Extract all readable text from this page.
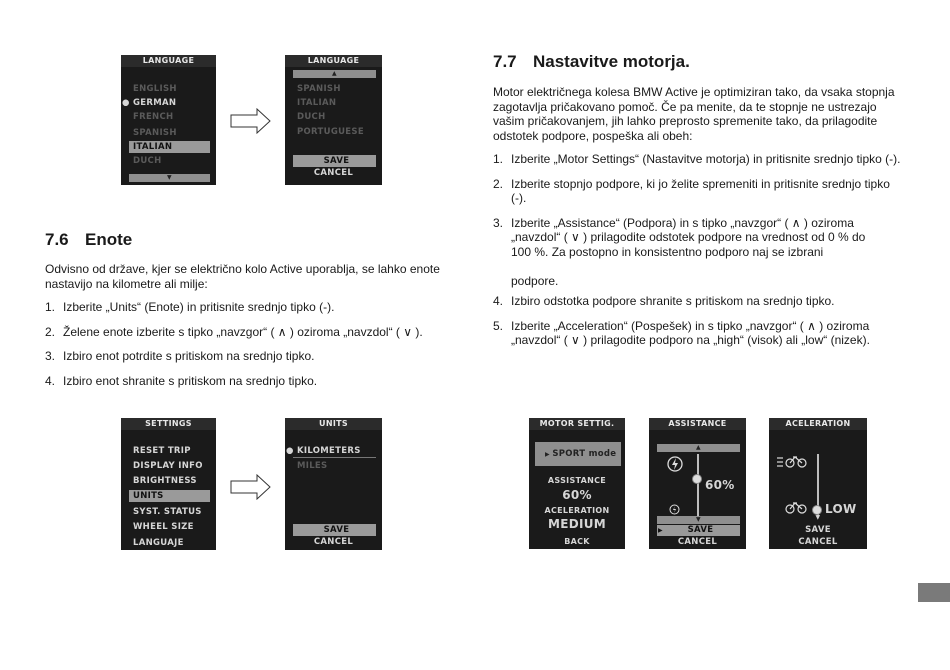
LANGUAGE
ENGLISH
● GERMAN
FRENCH
SPANISH
ITALIAN
DUCH
▼
LANGUAGE
▲
SPANISH
ITALIAN
DUCH
PORTUGUESE
SAVE
CANCEL
7.6 Enote

Odvisno od države, kjer se električno kolo Active uporablja, se lahko enote nastavijo na kilometre ali milje:

1. Izberite „Units“ (Enote) in pritisnite srednjo tipko (-).
2. Želene enote izberite s tipko „navzgor“ ( ∧ ) oziroma „navzdol“ ( ∨ ).
3. Izbiro enot potrdite s pritiskom na srednjo tipko.
4. Izbiro enot shranite s pritiskom na srednjo tipko.
SETTINGS
RESET TRIP
DISPLAY INFO
BRIGHTNESS
UNITS
SYST. STATUS
WHEEL SIZE
LANGUAJE
UNITS
● KILOMETERS
MILES
SAVE
CANCEL
7.7 Nastavitve motorja.

Motor električnega kolesa BMW Active je optimiziran tako, da vsaka stopnja zagotavlja pričakovano pomoč. Če pa menite, da te stopnje ne ustrezajo vašim pričakovanjem, jih lahko preprosto spremenite tako, da prilagodite odstotek podpore, pospeška ali obeh:

1. Izberite „Motor Settings“ (Nastavitve motorja) in pritisnite srednjo tipko (-).
2. Izberite stopnjo podpore, ki jo želite spremeniti in pritisnite srednjo tipko (-).
3. Izberite „Assistance“ (Podpora) in s tipko „navzgor“ ( ∧ ) oziroma „navzdol“ ( ∨ ) prilagodite odstotek podpore na vrednost od 0 % do 100 %. Za postopno in konsistentno podporo naj se izbrani

podpore.
4. Izbiro odstotka podpore shranite s pritiskom na srednjo tipko.
5. Izberite „Acceleration“ (Pospešek) in s tipko „navzgor“ ( ∧ ) oziroma „navzdol“ ( ∨ ) prilagodite podporo na „high“ (visok) ali „low“ (nizek).
MOTOR SETTIG.
▶ SPORT mode
ASSISTANCE
60%
ACELERATION
MEDIUM
BACK
ASSISTANCE
▲
60%
▼
▶	SAVE
CANCEL
ACELERATION
LOW
▼
SAVE
CANCEL
